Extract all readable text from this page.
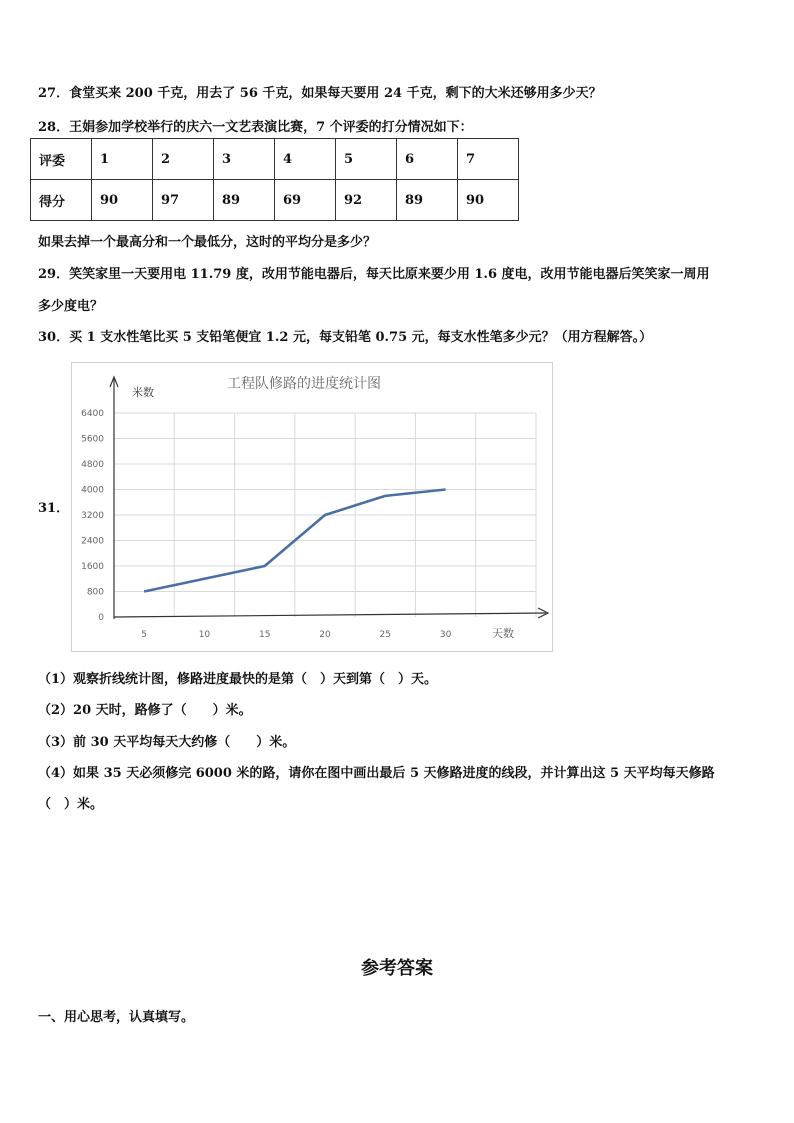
27．食堂买来 200 千克，用去了 56 千克，如果每天要用 24 千克，剩下的大米还够用多少天？
28．王娟参加学校举行的庆六一文艺表演比赛，7 个评委的打分情况如下：
评委	1	2	3	4	5	6	7
得分	90	97	89	69	92	89	90
如果去掉一个最高分和一个最低分，这时的平均分是多少？
29．笑笑家里一天要用电 11.79 度，改用节能电器后，每天比原来要少用 1.6 度电，改用节能电器后笑笑家一周用
多少度电？
30．买 1 支水性笔比买 5 支铅笔便宜 1.2 元，每支铅笔 0.75 元，每支水性笔多少元？（用方程解答。）
31．
工程队修路的进度统计图
米数
天数
0
800
1600
2400
3200
4000
4800
5600
6400
5	10	15	20	25	30
（1）观察折线统计图，修路进度最快的是第（　）天到第（　）天。
（2）20 天时，路修了（　　）米。
（3）前 30 天平均每天大约修（　　）米。
（4）如果 35 天必须修完 6000 米的路，请你在图中画出最后 5 天修路进度的线段，并计算出这 5 天平均每天修路
（　）米。
参考答案
一、用心思考，认真填写。
